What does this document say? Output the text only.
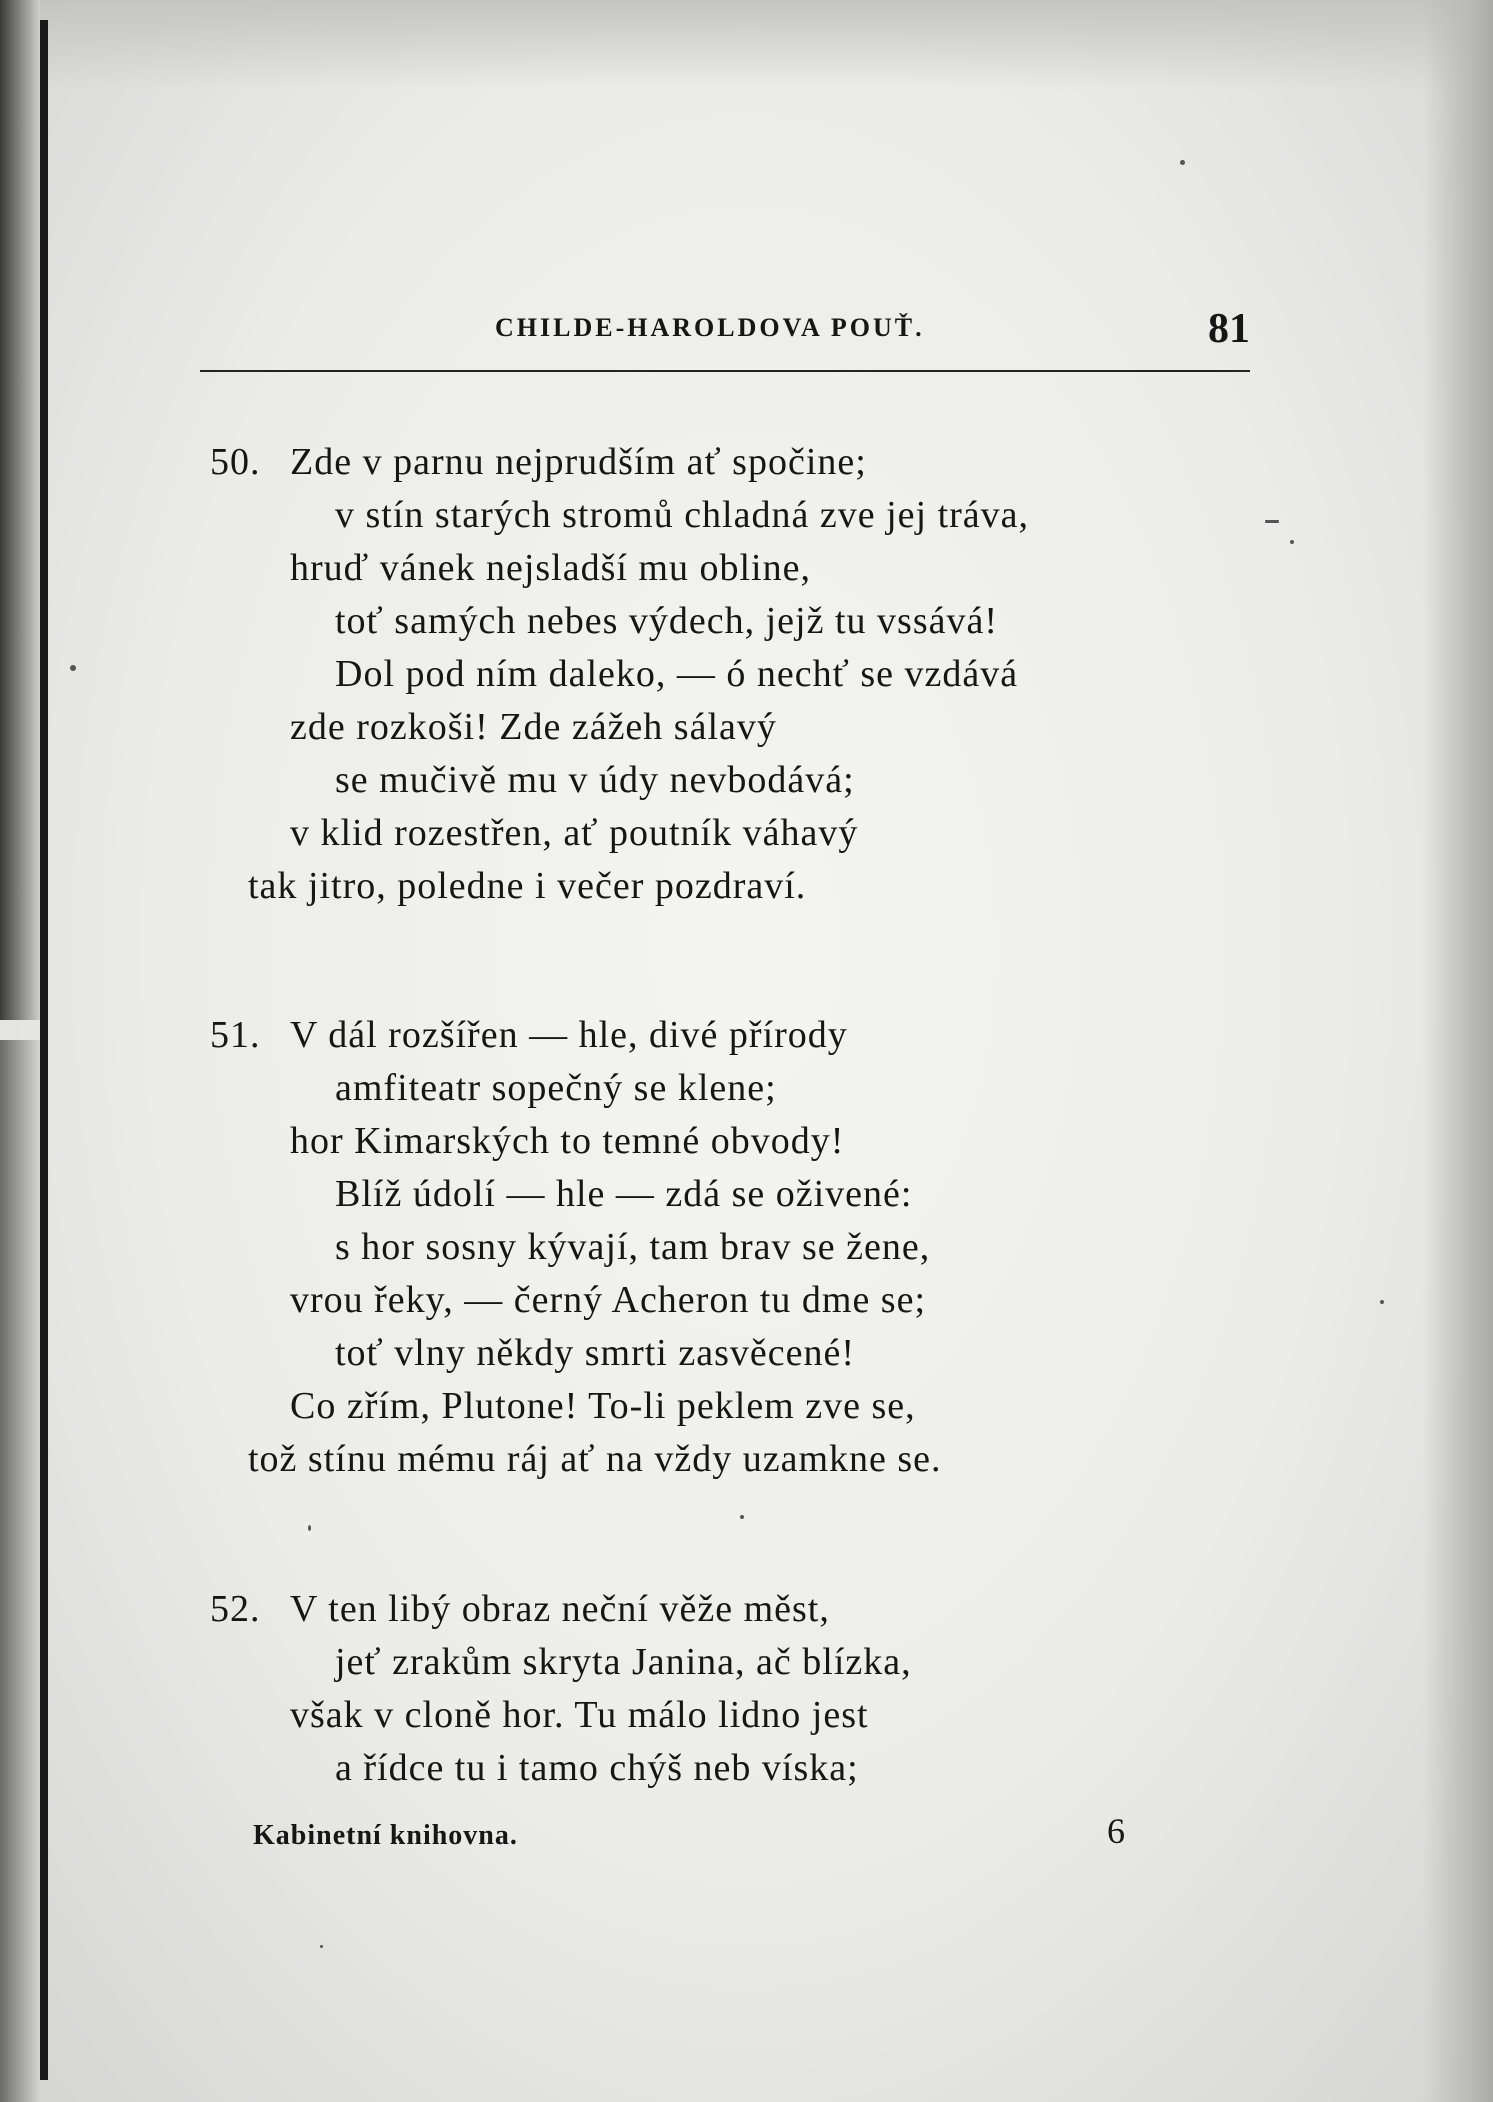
CHILDE-HAROLDOVA POUŤ.	81
50. Zde v parnu nejprudším ať spočine;
v stín starých stromů chladná zve jej tráva,
hruď vánek nejsladší mu obline,
toť samých nebes výdech, jejž tu vssává!
Dol pod ním daleko, — ó nechť se vzdává
zde rozkoši! Zde zážeh sálavý
se mučivě mu v údy nevbodává;
v klid rozestřen, ať poutník váhavý
tak jitro, poledne i večer pozdraví.
51. V dál rozšířen — hle, divé přírody
amfiteatr sopečný se klene;
hor Kimarských to temné obvody!
Blíž údolí — hle — zdá se oživené:
s hor sosny kývají, tam brav se žene,
vrou řeky, — černý Acheron tu dme se;
toť vlny někdy smrti zasvěcené!
Co zřím, Plutone! To-li peklem zve se,
tož stínu mému ráj ať na vždy uzamkne se.
52. V ten libý obraz neční věže měst,
jeť zrakům skryta Janina, ač blízka,
však v cloně hor. Tu málo lidno jest
a řídce tu i tamo chýš neb víska;
Kabinetní knihovna.	6
